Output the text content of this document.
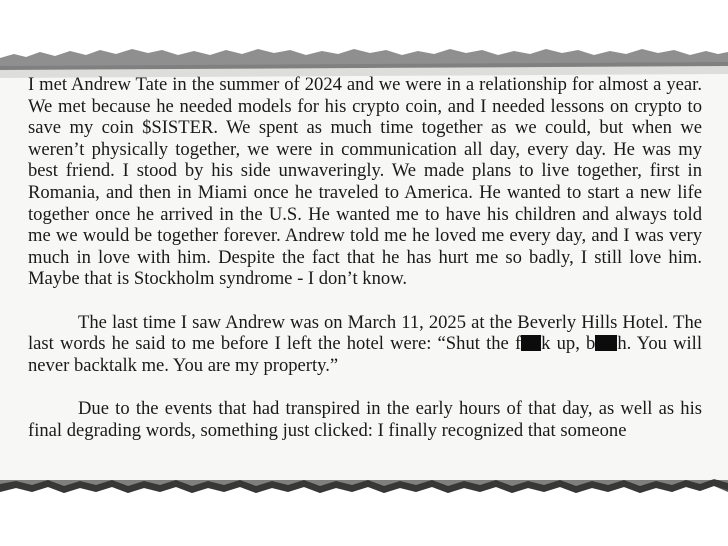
I met Andrew Tate in the summer of 2024 and we were in a relationship for almost a year. We met because he needed models for his crypto coin, and I needed lessons on crypto to save my coin $SISTER. We spent as much time together as we could, but when we weren’t physically together, we were in communication all day, every day. He was my best friend. I stood by his side unwaveringly. We made plans to live together, first in Romania, and then in Miami once he traveled to America. He wanted to start a new life together once he arrived in the U.S. He wanted me to have his children and always told me we would be together forever. Andrew told me he loved me every day, and I was very much in love with him. Despite the fact that he has hurt me so badly, I still love him. Maybe that is Stockholm syndrome - I don’t know.

The last time I saw Andrew was on March 11, 2025 at the Beverly Hills Hotel. The last words he said to me before I left the hotel were: “Shut the f k up, b h. You will never backtalk me. You are my property.”

Due to the events that had transpired in the early hours of that day, as well as his final degrading words, something just clicked: I finally recognized that someone
